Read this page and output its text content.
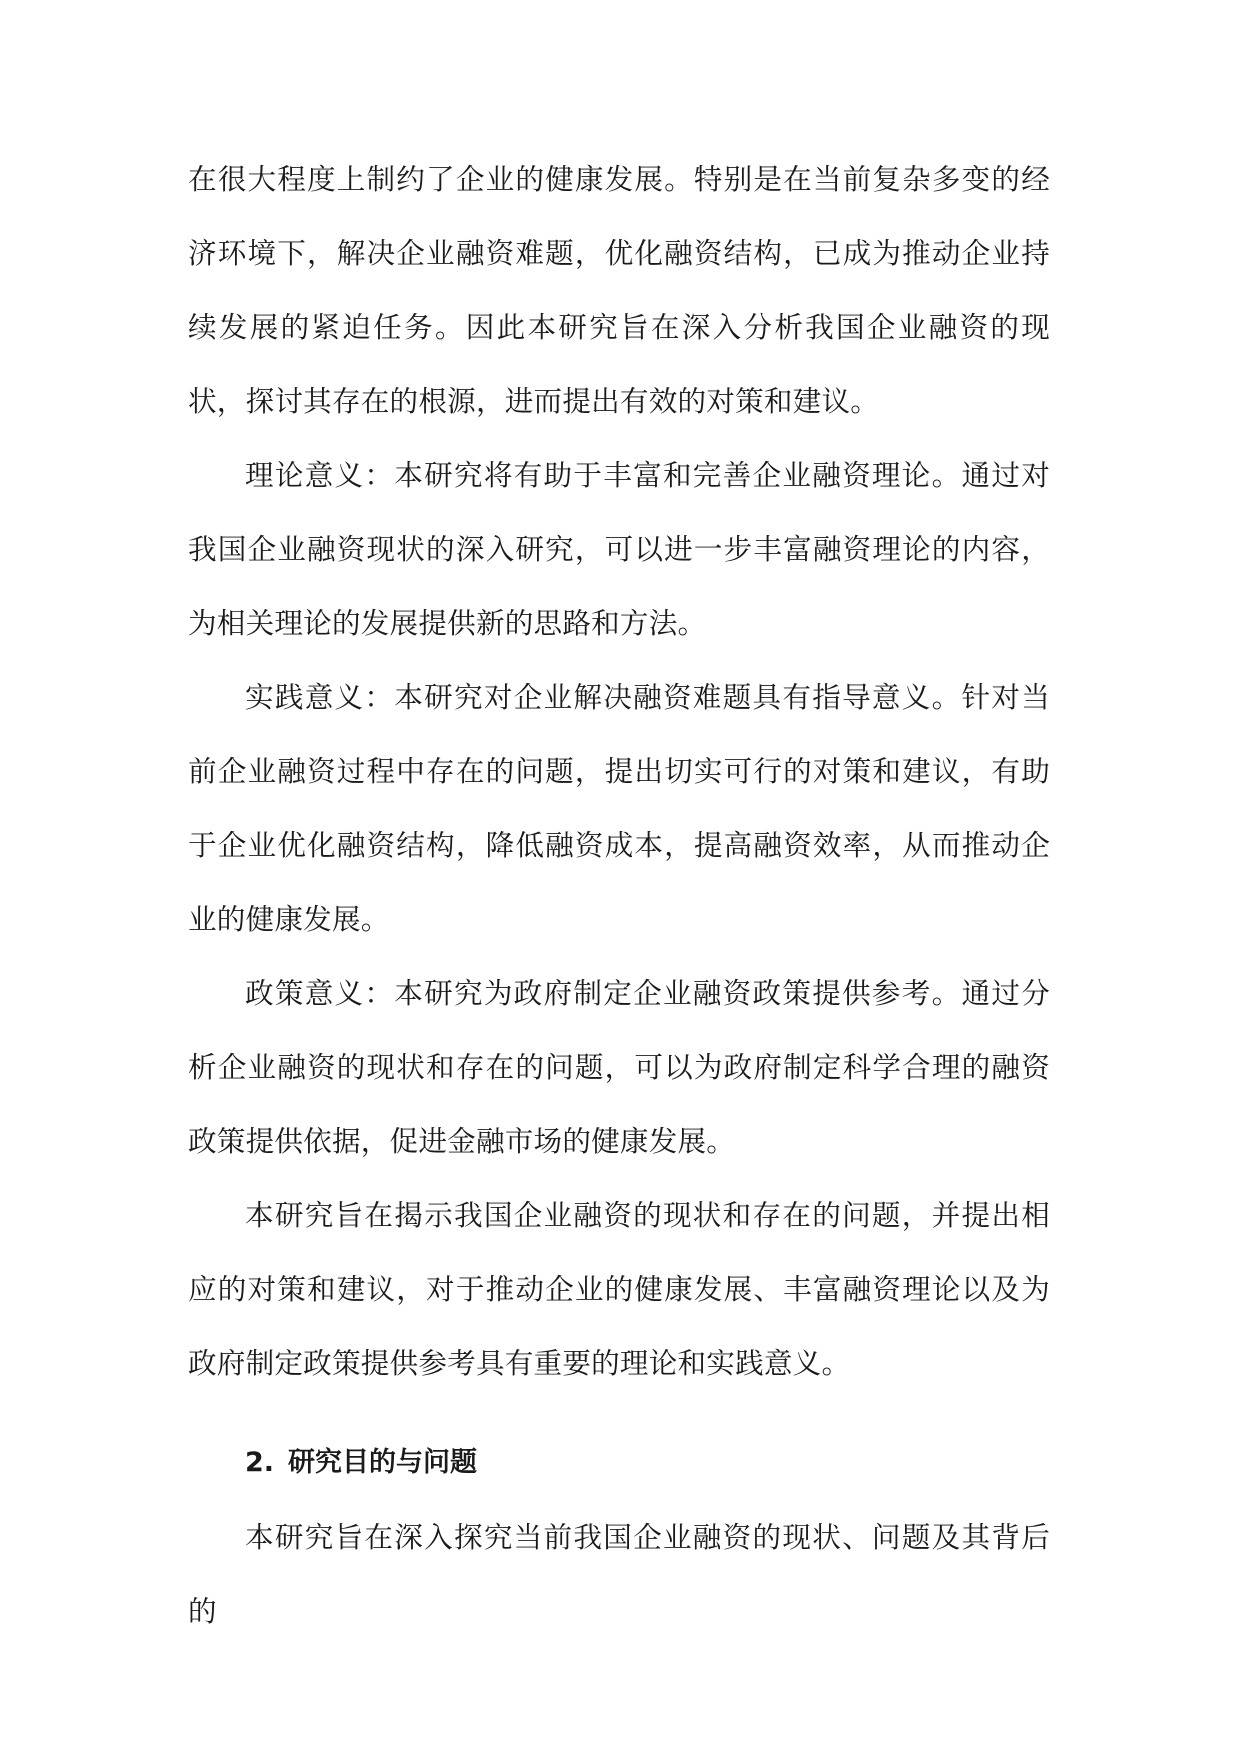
在很大程度上制约了企业的健康发展。特别是在当前复杂多变的经济环境下，解决企业融资难题，优化融资结构，已成为推动企业持续发展的紧迫任务。因此本研究旨在深入分析我国企业融资的现状，探讨其存在的根源，进而提出有效的对策和建议。

理论意义：本研究将有助于丰富和完善企业融资理论。通过对我国企业融资现状的深入研究，可以进一步丰富融资理论的内容，为相关理论的发展提供新的思路和方法。

实践意义：本研究对企业解决融资难题具有指导意义。针对当前企业融资过程中存在的问题，提出切实可行的对策和建议，有助于企业优化融资结构，降低融资成本，提高融资效率，从而推动企业的健康发展。

政策意义：本研究为政府制定企业融资政策提供参考。通过分析企业融资的现状和存在的问题，可以为政府制定科学合理的融资政策提供依据，促进金融市场的健康发展。

本研究旨在揭示我国企业融资的现状和存在的问题，并提出相应的对策和建议，对于推动企业的健康发展、丰富融资理论以及为政府制定政策提供参考具有重要的理论和实践意义。

2. 研究目的与问题

本研究旨在深入探究当前我国企业融资的现状、问题及其背后的
